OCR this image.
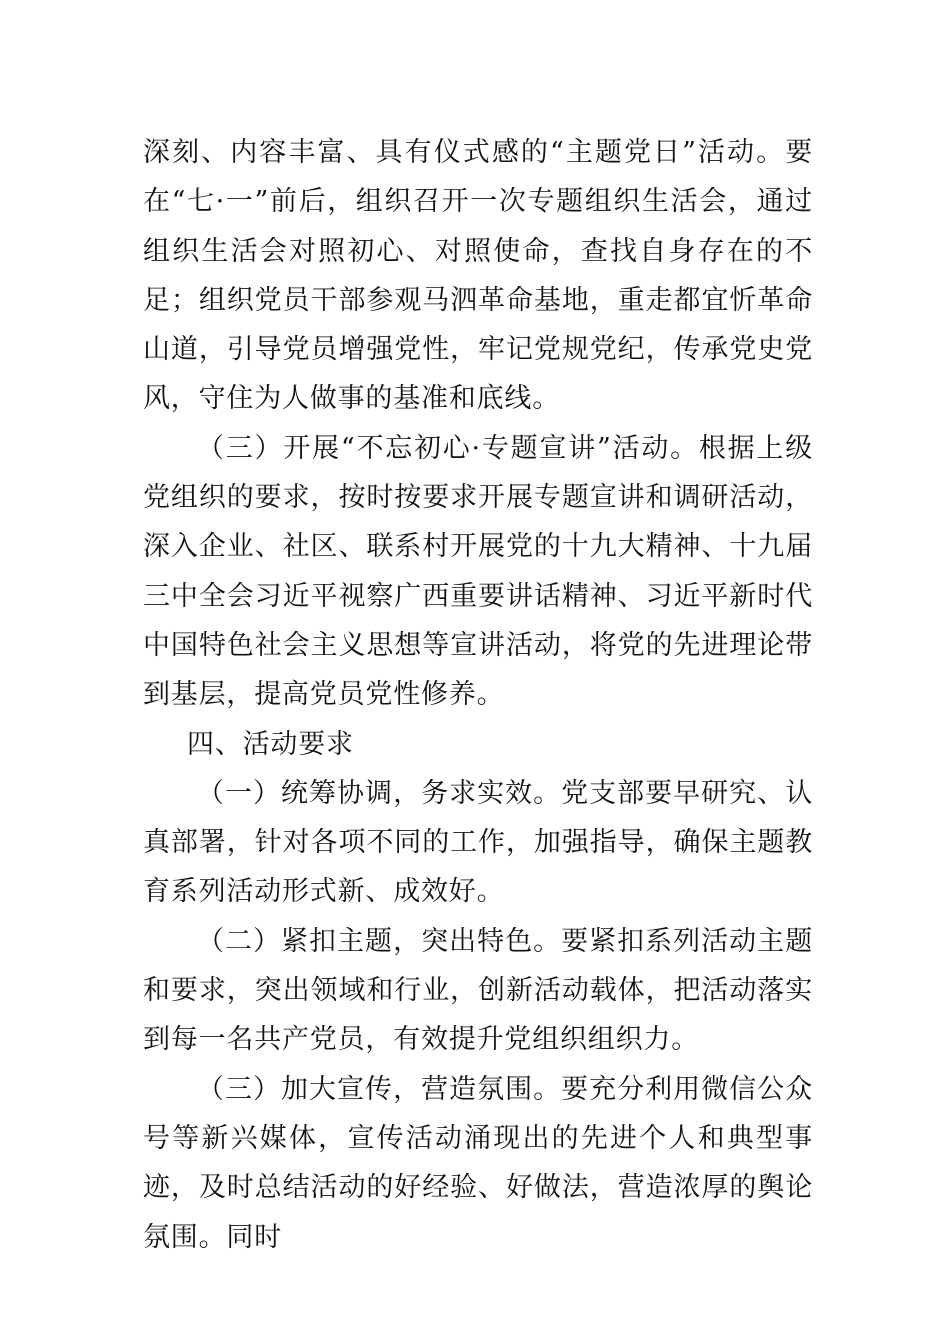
深刻、内容丰富、具有仪式感的“主题党日”活动。要在“七·一”前后，组织召开一次专题组织生活会，通过组织生活会对照初心、对照使命，查找自身存在的不足；组织党员干部参观马泗革命基地，重走都宜忻革命山道，引导党员增强党性，牢记党规党纪，传承党史党风，守住为人做事的基准和底线。

（三）开展“不忘初心·专题宣讲”活动。根据上级党组织的要求，按时按要求开展专题宣讲和调研活动，深入企业、社区、联系村开展党的十九大精神、十九届三中全会习近平视察广西重要讲话精神、习近平新时代中国特色社会主义思想等宣讲活动，将党的先进理论带到基层，提高党员党性修养。

四、活动要求

（一）统筹协调，务求实效。党支部要早研究、认真部署，针对各项不同的工作，加强指导，确保主题教育系列活动形式新、成效好。

（二）紧扣主题，突出特色。要紧扣系列活动主题和要求，突出领域和行业，创新活动载体，把活动落实到每一名共产党员，有效提升党组织组织力。

（三）加大宣传，营造氛围。要充分利用微信公众号等新兴媒体，宣传活动涌现出的先进个人和典型事迹，及时总结活动的好经验、好做法，营造浓厚的舆论氛围。同时
